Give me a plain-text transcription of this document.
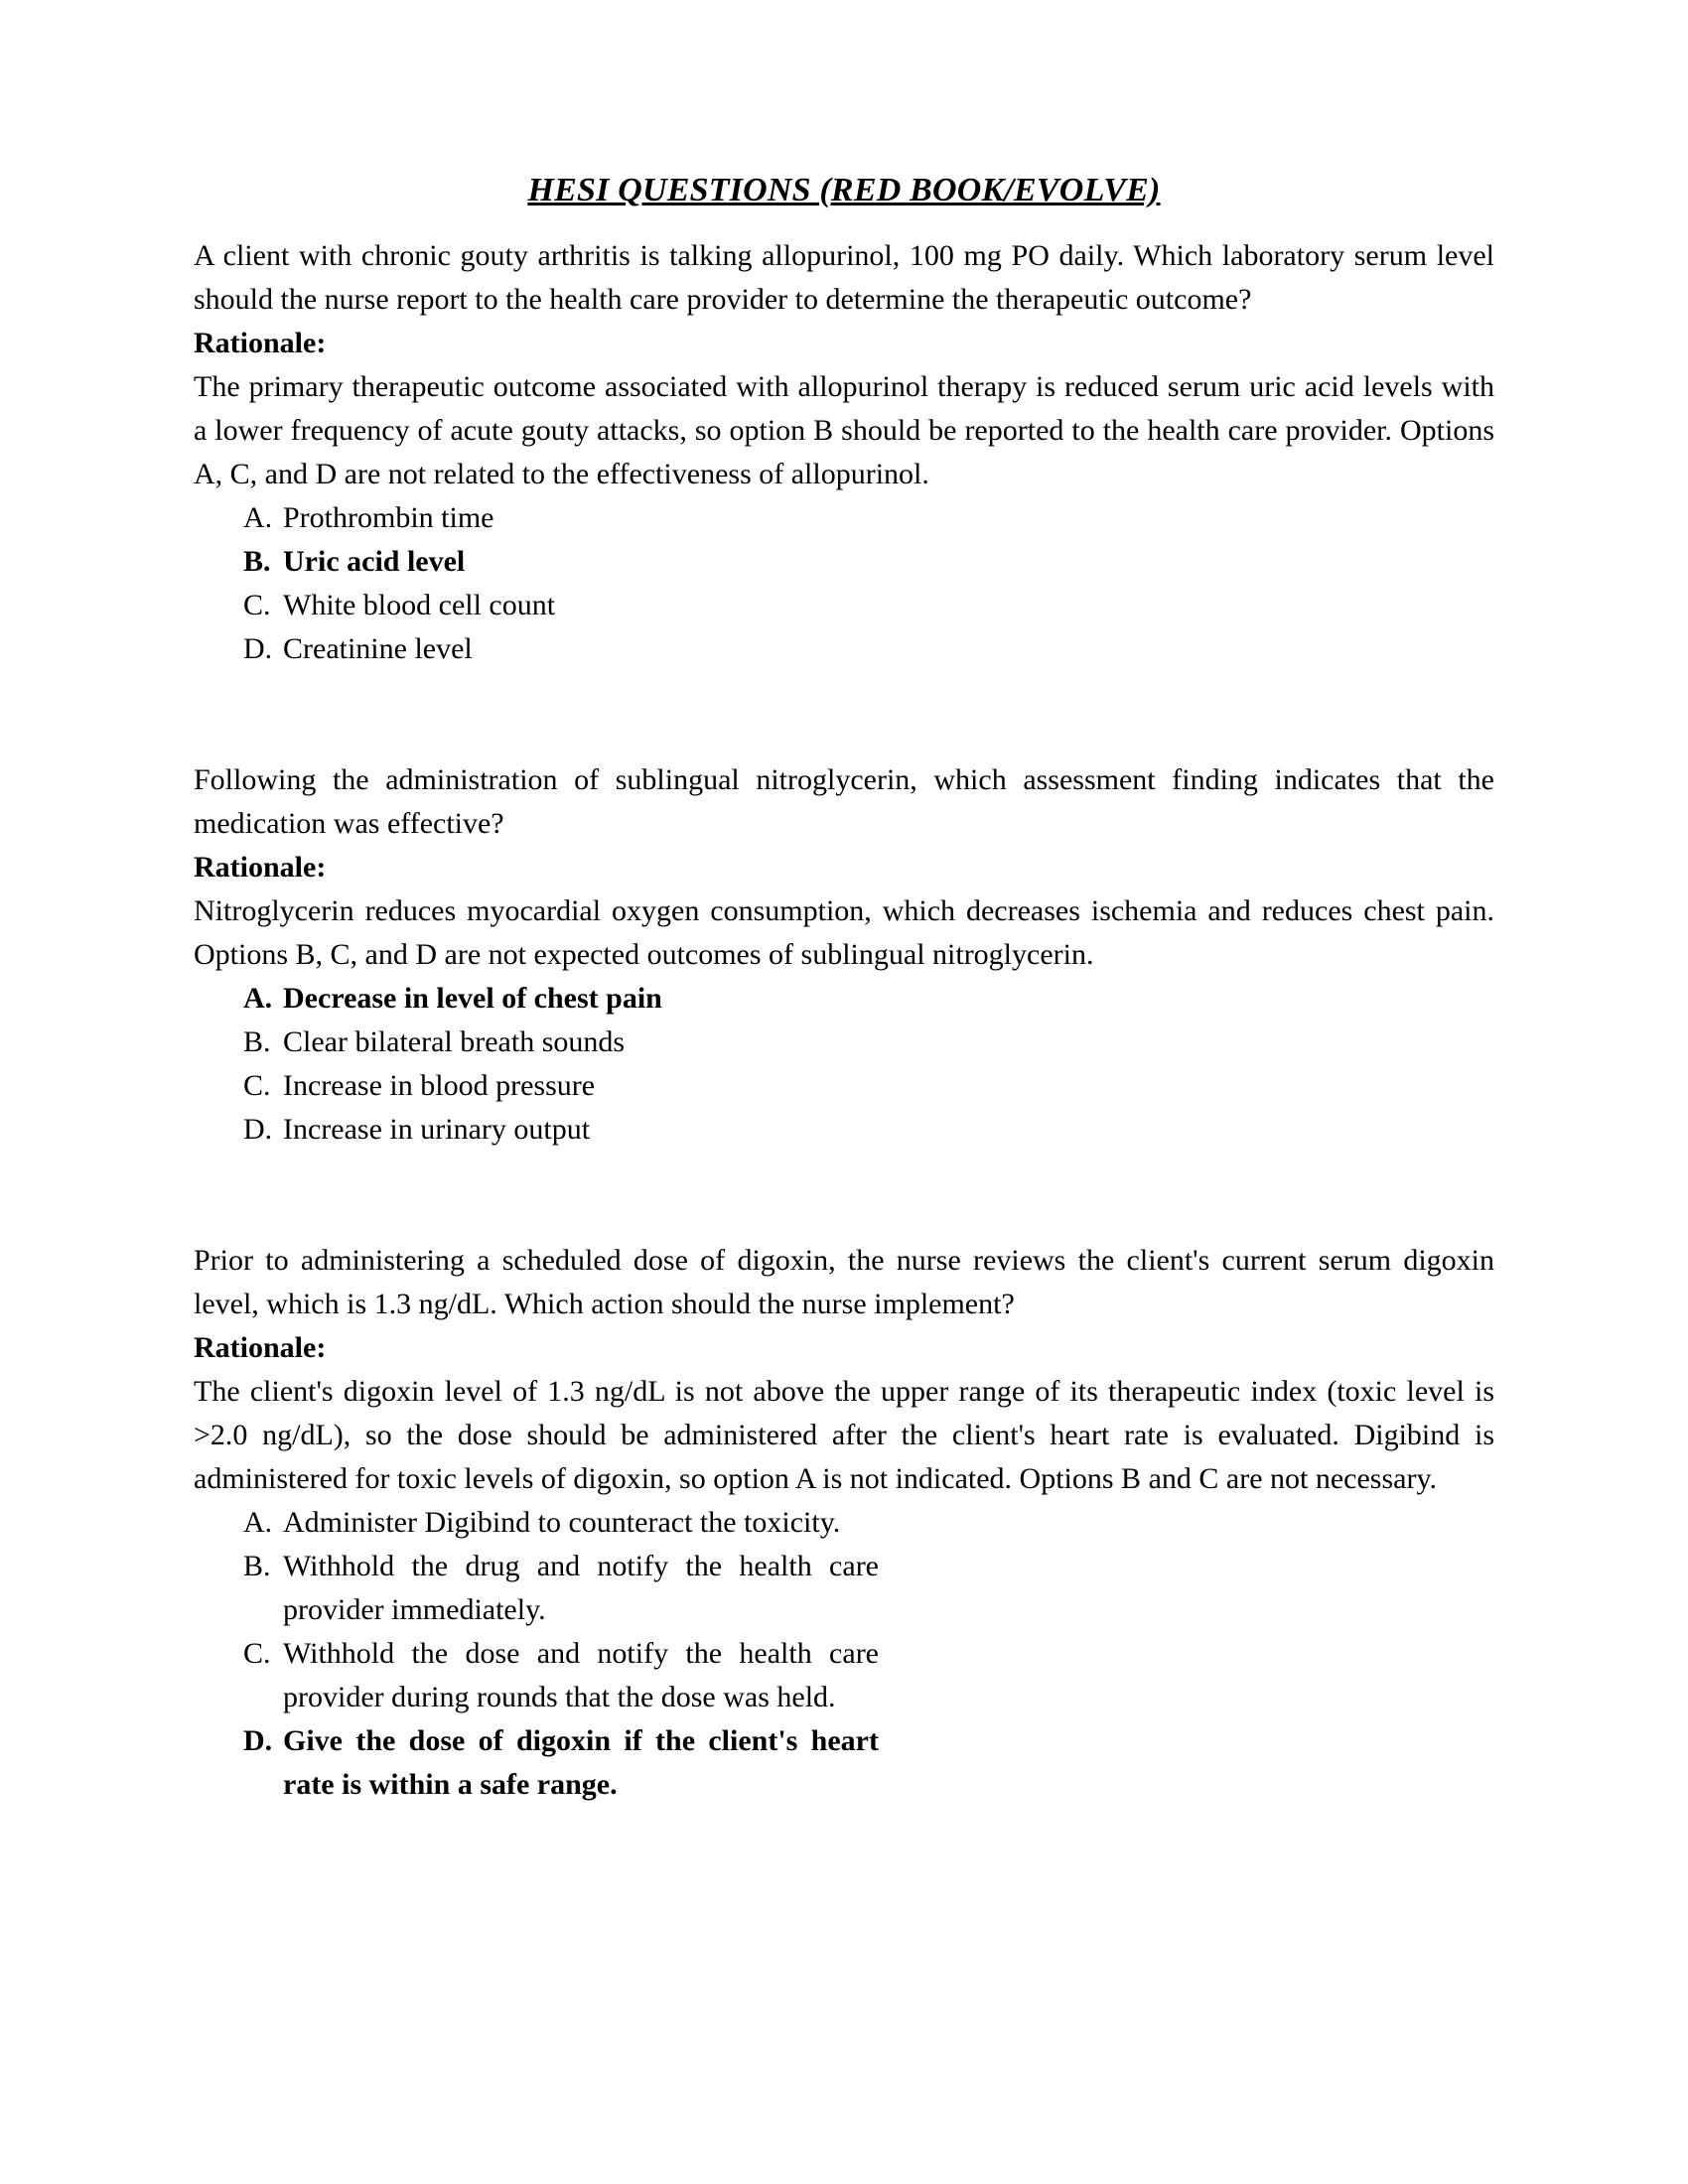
HESI QUESTIONS (RED BOOK/EVOLVE)

A client with chronic gouty arthritis is talking allopurinol, 100 mg PO daily. Which laboratory serum level should the nurse report to the health care provider to determine the therapeutic outcome?

Rationale:

The primary therapeutic outcome associated with allopurinol therapy is reduced serum uric acid levels with a lower frequency of acute gouty attacks, so option B should be reported to the health care provider. Options A, C, and D are not related to the effectiveness of allopurinol.

A. Prothrombin time
B. Uric acid level
C. White blood cell count
D. Creatinine level

Following the administration of sublingual nitroglycerin, which assessment finding indicates that the medication was effective?

Rationale:

Nitroglycerin reduces myocardial oxygen consumption, which decreases ischemia and reduces chest pain. Options B, C, and D are not expected outcomes of sublingual nitroglycerin.

A. Decrease in level of chest pain
B. Clear bilateral breath sounds
C. Increase in blood pressure
D. Increase in urinary output

Prior to administering a scheduled dose of digoxin, the nurse reviews the client's current serum digoxin level, which is 1.3 ng/dL. Which action should the nurse implement?

Rationale:

The client's digoxin level of 1.3 ng/dL is not above the upper range of its therapeutic index (toxic level is >2.0 ng/dL), so the dose should be administered after the client's heart rate is evaluated. Digibind is administered for toxic levels of digoxin, so option A is not indicated. Options B and C are not necessary.

A. Administer Digibind to counteract the toxicity.
B. Withhold the drug and notify the health care provider immediately.
C. Withhold the dose and notify the health care provider during rounds that the dose was held.
D. Give the dose of digoxin if the client's heart rate is within a safe range.
